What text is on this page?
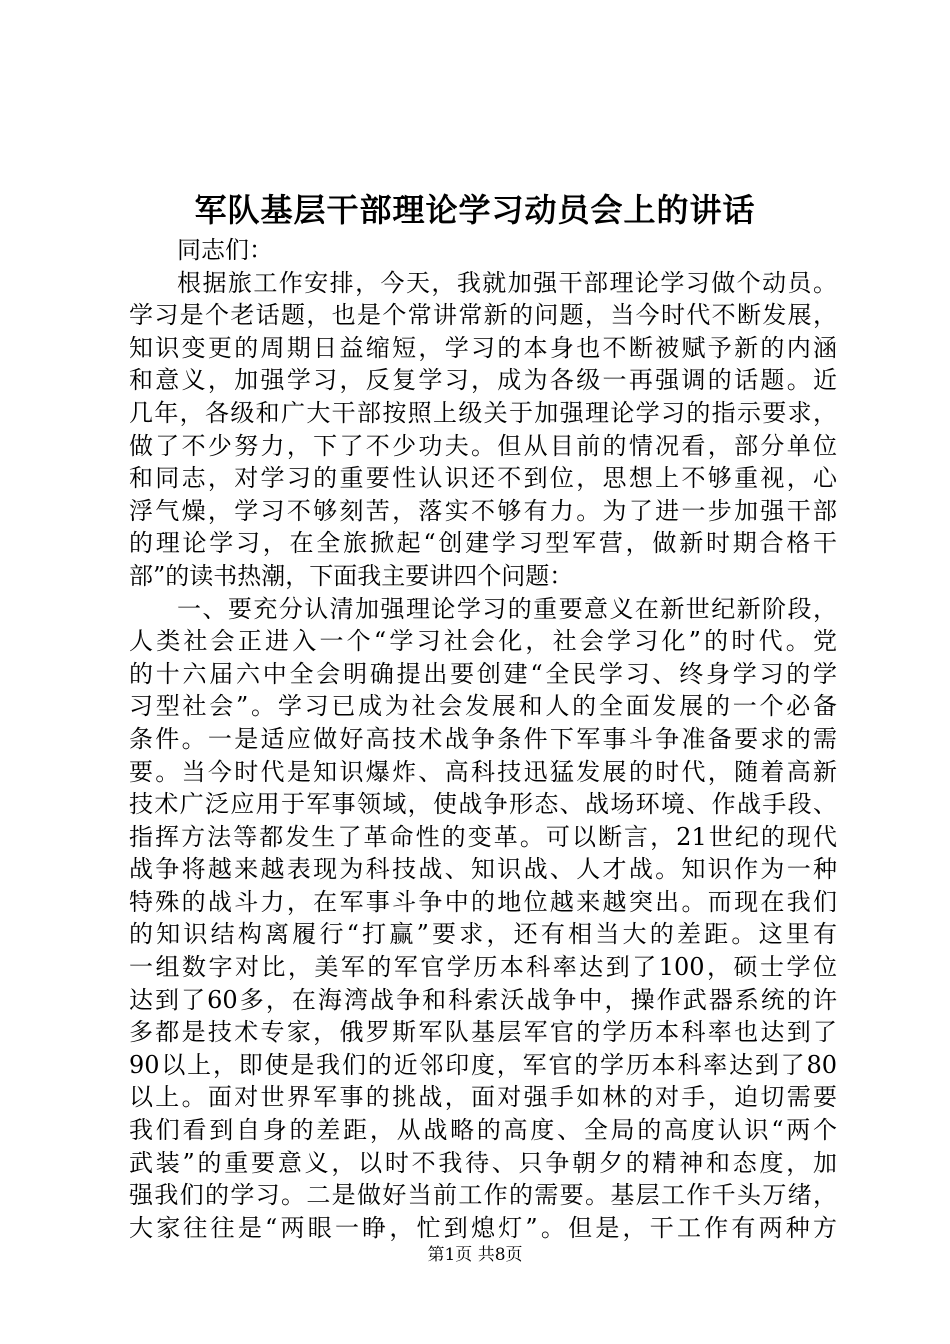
军队基层干部理论学习动员会上的讲话
同志们：
根据旅工作安排，今天，我就加强干部理论学习做个动员。
学习是个老话题，也是个常讲常新的问题，当今时代不断发展，
知识变更的周期日益缩短，学习的本身也不断被赋予新的内涵
和意义，加强学习，反复学习，成为各级一再强调的话题。近
几年，各级和广大干部按照上级关于加强理论学习的指示要求，
做了不少努力，下了不少功夫。但从目前的情况看，部分单位
和同志，对学习的重要性认识还不到位，思想上不够重视，心
浮气燥，学习不够刻苦，落实不够有力。为了进一步加强干部
的理论学习，在全旅掀起“创建学习型军营，做新时期合格干
部”的读书热潮，下面我主要讲四个问题：
一、要充分认清加强理论学习的重要意义在新世纪新阶段，
人类社会正进入一个“学习社会化，社会学习化”的时代。党
的十六届六中全会明确提出要创建“全民学习、终身学习的学
习型社会”。学习已成为社会发展和人的全面发展的一个必备
条件。一是适应做好高技术战争条件下军事斗争准备要求的需
要。当今时代是知识爆炸、高科技迅猛发展的时代，随着高新
技术广泛应用于军事领域，使战争形态、战场环境、作战手段、
指挥方法等都发生了革命性的变革。可以断言，21世纪的现代
战争将越来越表现为科技战、知识战、人才战。知识作为一种
特殊的战斗力，在军事斗争中的地位越来越突出。而现在我们
的知识结构离履行“打赢”要求，还有相当大的差距。这里有
一组数字对比，美军的军官学历本科率达到了100，硕士学位
达到了60多，在海湾战争和科索沃战争中，操作武器系统的许
多都是技术专家，俄罗斯军队基层军官的学历本科率也达到了
90以上，即使是我们的近邻印度，军官的学历本科率达到了80
以上。面对世界军事的挑战，面对强手如林的对手，迫切需要
我们看到自身的差距，从战略的高度、全局的高度认识“两个
武装”的重要意义，以时不我待、只争朝夕的精神和态度，加
强我们的学习。二是做好当前工作的需要。基层工作千头万绪，
大家往往是“两眼一睁，忙到熄灯”。但是，干工作有两种方
第1页 共8页
